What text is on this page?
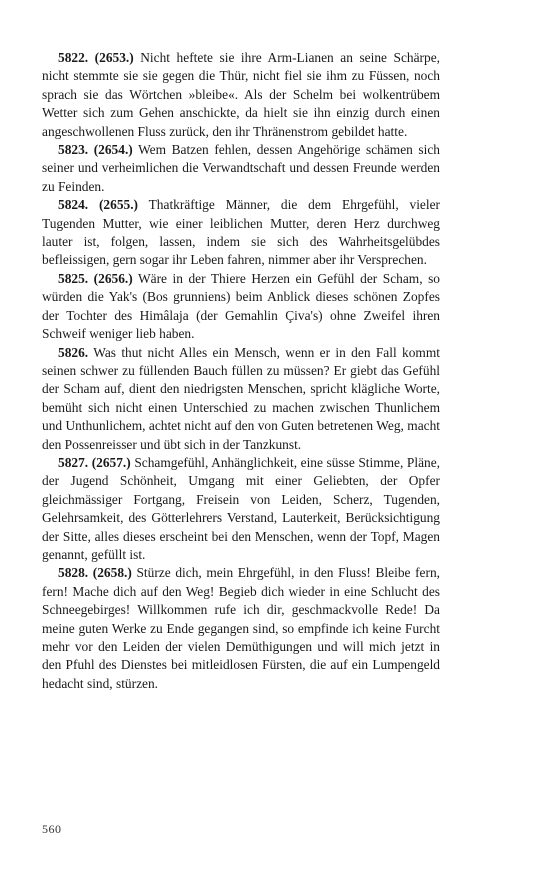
5822. (2653.) Nicht heftete sie ihre Arm-Lianen an seine Schärpe, nicht stemmte sie sie gegen die Thür, nicht fiel sie ihm zu Füssen, noch sprach sie das Wörtchen »bleibe«. Als der Schelm bei wolkentrübem Wetter sich zum Gehen anschickte, da hielt sie ihn einzig durch einen angeschwollenen Fluss zurück, den ihr Thränenstrom gebildet hatte.

5823. (2654.) Wem Batzen fehlen, dessen Angehörige schämen sich seiner und verheimlichen die Verwandtschaft und dessen Freunde werden zu Feinden.

5824. (2655.) Thatkräftige Männer, die dem Ehrgefühl, vieler Tugenden Mutter, wie einer leiblichen Mutter, deren Herz durchweg lauter ist, folgen, lassen, indem sie sich des Wahrheitsgelübdes befleissigen, gern sogar ihr Leben fahren, nimmer aber ihr Versprechen.

5825. (2656.) Wäre in der Thiere Herzen ein Gefühl der Scham, so würden die Yak's (Bos grunniens) beim Anblick dieses schönen Zopfes der Tochter des Himâlaja (der Gemahlin Çiva's) ohne Zweifel ihren Schweif weniger lieb haben.

5826. Was thut nicht Alles ein Mensch, wenn er in den Fall kommt seinen schwer zu füllenden Bauch füllen zu müssen? Er giebt das Gefühl der Scham auf, dient den niedrigsten Menschen, spricht klägliche Worte, bemüht sich nicht einen Unterschied zu machen zwischen Thunlichem und Unthunlichem, achtet nicht auf den von Guten betretenen Weg, macht den Possenreisser und übt sich in der Tanzkunst.

5827. (2657.) Schamgefühl, Anhänglichkeit, eine süsse Stimme, Pläne, der Jugend Schönheit, Umgang mit einer Geliebten, der Opfer gleichmässiger Fortgang, Freisein von Leiden, Scherz, Tugenden, Gelehrsamkeit, des Götterlehrers Verstand, Lauterkeit, Berücksichtigung der Sitte, alles dieses erscheint bei den Menschen, wenn der Topf, Magen genannt, gefüllt ist.

5828. (2658.) Stürze dich, mein Ehrgefühl, in den Fluss! Bleibe fern, fern! Mache dich auf den Weg! Begieb dich wieder in eine Schlucht des Schneegebirges! Willkommen rufe ich dir, geschmackvolle Rede! Da meine guten Werke zu Ende gegangen sind, so empfinde ich keine Furcht mehr vor den Leiden der vielen Demüthigungen und will mich jetzt in den Pfuhl des Dienstes bei mitleidlosen Fürsten, die auf ein Lumpengeld hedacht sind, stürzen.

560
